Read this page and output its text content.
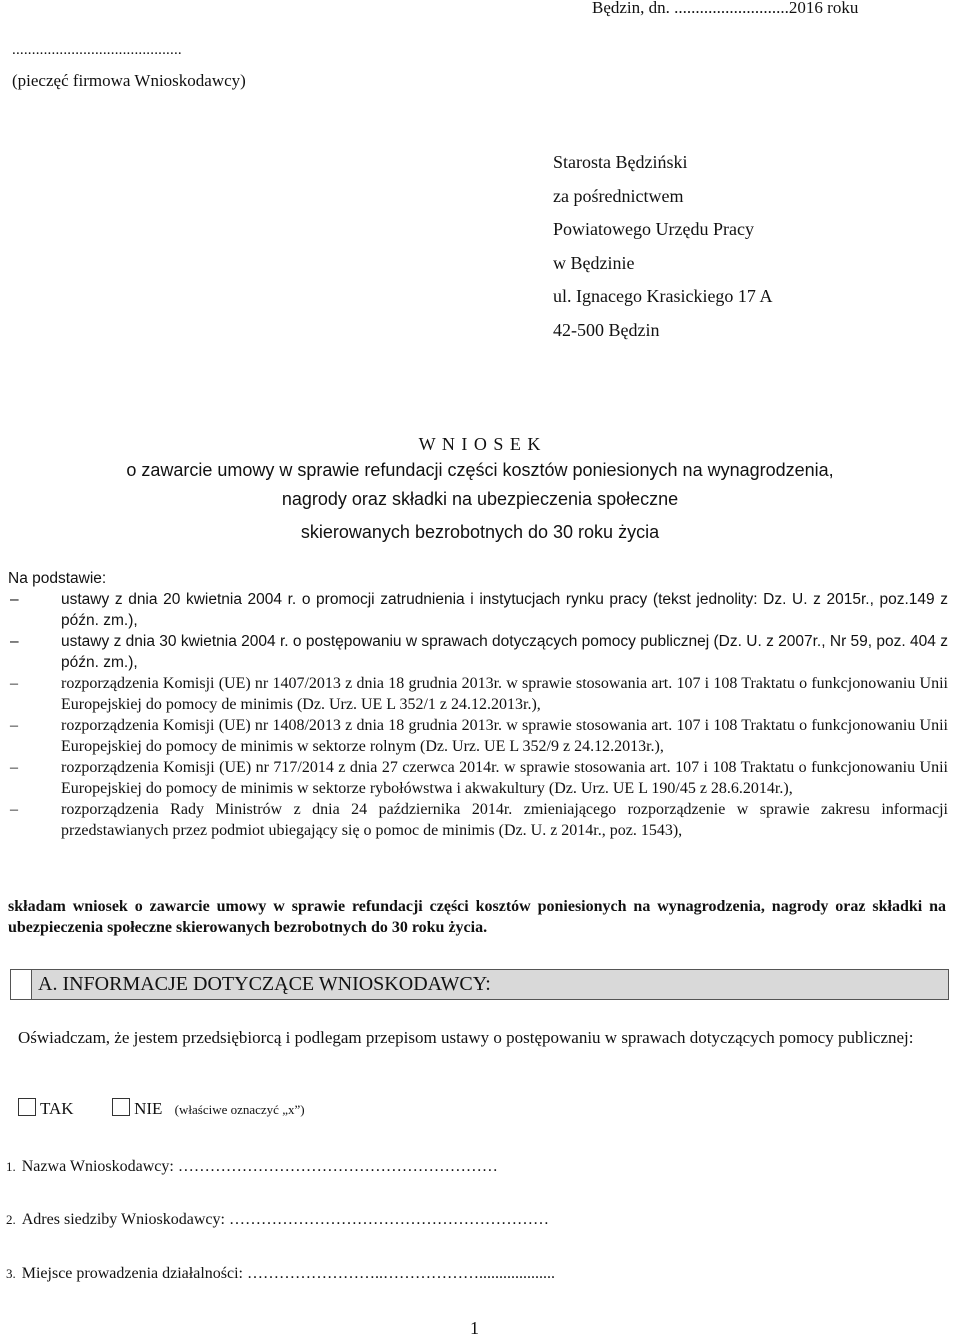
Będzin, dn. ...........................2016 roku
...........................................
(pieczęć firmowa Wnioskodawcy)
Starosta Będziński
za pośrednictwem
Powiatowego Urzędu Pracy
w Będzinie
ul. Ignacego Krasickiego 17 A
42-500 Będzin
W N I O S E K
o zawarcie umowy w sprawie refundacji części kosztów poniesionych na wynagrodzenia,
nagrody oraz składki na ubezpieczenia społeczne
skierowanych bezrobotnych do 30 roku życia
Na podstawie:
–	ustawy z dnia 20 kwietnia 2004 r. o promocji zatrudnienia i instytucjach rynku pracy (tekst jednolity: Dz. U. z 2015r., poz.149 z późn. zm.),
–	ustawy z dnia 30 kwietnia 2004 r. o postępowaniu w sprawach dotyczących pomocy publicznej (Dz. U. z 2007r., Nr 59, poz. 404 z późn. zm.),
–	rozporządzenia Komisji (UE) nr 1407/2013 z dnia 18 grudnia 2013r. w sprawie stosowania art. 107 i 108 Traktatu o funkcjonowaniu Unii Europejskiej do pomocy de minimis (Dz. Urz. UE L 352/1 z 24.12.2013r.),
–	rozporządzenia Komisji (UE) nr 1408/2013 z dnia 18 grudnia 2013r. w sprawie stosowania art. 107 i 108 Traktatu o funkcjonowaniu Unii Europejskiej do pomocy de minimis w sektorze rolnym (Dz. Urz. UE L 352/9 z 24.12.2013r.),
–	rozporządzenia Komisji (UE) nr 717/2014 z dnia 27 czerwca 2014r. w sprawie stosowania art. 107 i 108 Traktatu o funkcjonowaniu Unii Europejskiej do pomocy de minimis w sektorze rybołówstwa i akwakultury (Dz. Urz. UE L 190/45 z 28.6.2014r.),
–	rozporządzenia Rady Ministrów z dnia 24 października 2014r. zmieniającego rozporządzenie w sprawie zakresu informacji przedstawianych przez podmiot ubiegający się o pomoc de minimis (Dz. U. z 2014r., poz. 1543),
składam wniosek o zawarcie umowy w sprawie refundacji części kosztów poniesionych na wynagrodzenia, nagrody oraz składki na ubezpieczenia społeczne skierowanych bezrobotnych do 30 roku życia.
A. INFORMACJE DOTYCZĄCE WNIOSKODAWCY:
Oświadczam, że jestem przedsiębiorcą i podlegam przepisom ustawy o postępowaniu w sprawach dotyczących pomocy publicznej:
TAK	NIE (właściwe oznaczyć „x”)
1. Nazwa Wnioskodawcy: ……………………………………………………
2. Adres siedziby Wnioskodawcy: ……………………………………………………
3. Miejsce prowadzenia działalności: ……………………..………………...................
1
